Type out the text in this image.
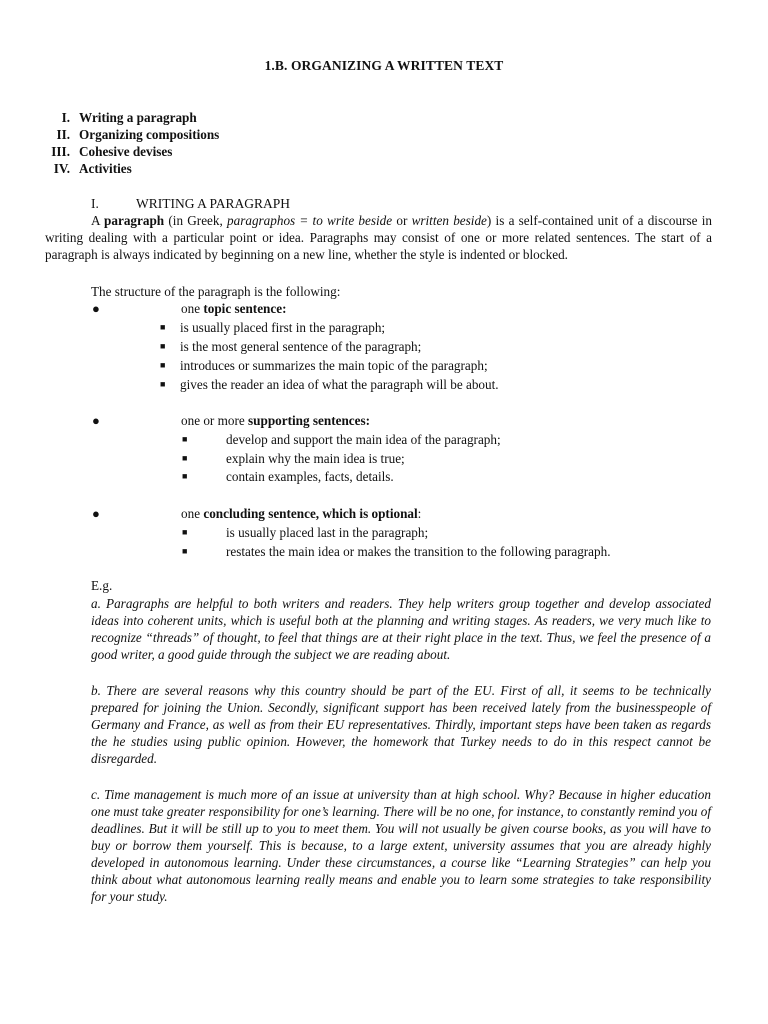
1.B. ORGANIZING A WRITTEN TEXT
I. Writing a paragraph
II. Organizing compositions
III. Cohesive devises
IV. Activities
I.	WRITING A PARAGRAPH
A paragraph (in Greek, paragraphos = to write beside or written beside) is a self-contained unit of a discourse in writing dealing with a particular point or idea. Paragraphs may consist of one or more related sentences. The start of a paragraph is always indicated by beginning on a new line, whether the style is indented or blocked.
The structure of the paragraph is the following:
●	one topic sentence:
■ is usually placed first in the paragraph;
■ is the most general sentence of the paragraph;
■ introduces or summarizes the main topic of the paragraph;
■ gives the reader an idea of what the paragraph will be about.
●	one or more supporting sentences:
■	develop and support the main idea of the paragraph;
■	explain why the main idea is true;
■	contain examples, facts, details.
●	one concluding sentence, which is optional:
■	is usually placed last in the paragraph;
■	restates the main idea or makes the transition to the following paragraph.
E.g.
a. Paragraphs are helpful to both writers and readers. They help writers group together and develop associated ideas into coherent units, which is useful both at the planning and writing stages. As readers, we very much like to recognize “threads” of thought, to feel that things are at their right place in the text. Thus, we feel the presence of a good writer, a good guide through the subject we are reading about.
b. There are several reasons why this country should be part of the EU. First of all, it seems to be technically prepared for joining the Union. Secondly, significant support has been received lately from the businesspeople of Germany and France, as well as from their EU representatives. Thirdly, important steps have been taken as regards the he studies using public opinion. However, the homework that Turkey needs to do in this respect cannot be disregarded.
c. Time management is much more of an issue at university than at high school. Why? Because in higher education one must take greater responsibility for one’s learning. There will be no one, for instance, to constantly remind you of deadlines. But it will be still up to you to meet them. You will not usually be given course books, as you will have to buy or borrow them yourself. This is because, to a large extent, university assumes that you are already highly developed in autonomous learning. Under these circumstances, a course like “Learning Strategies” can help you think about what autonomous learning really means and enable you to learn some strategies to take responsibility for your study.
